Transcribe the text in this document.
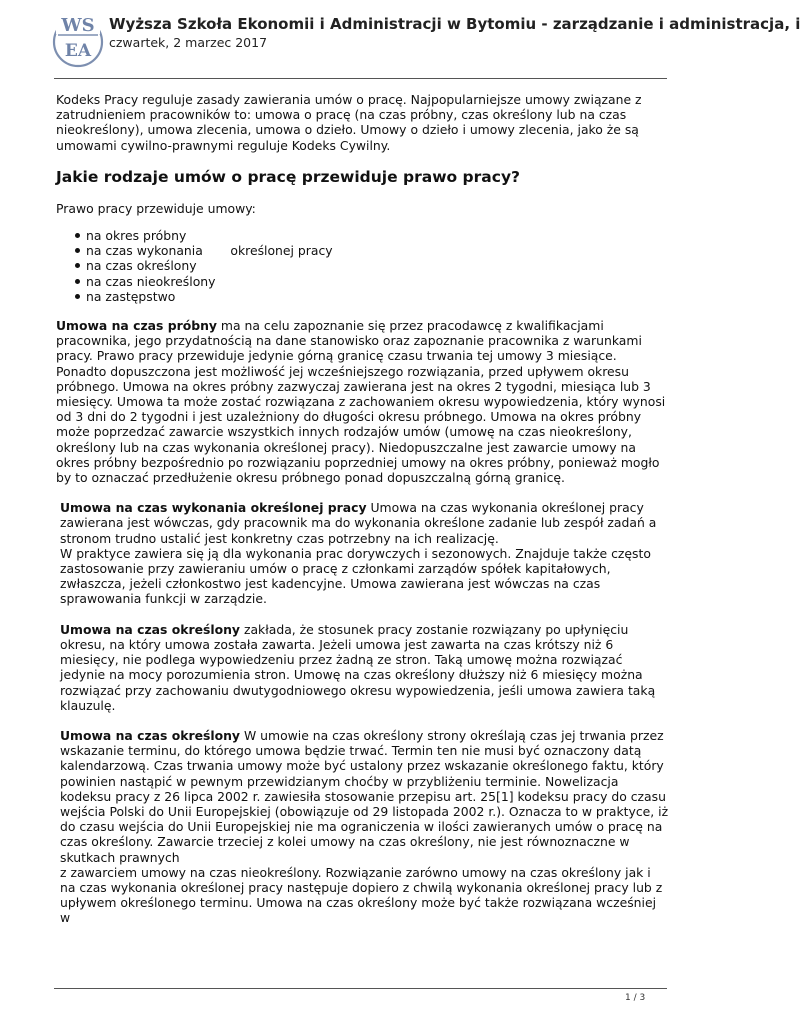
WS
EA
Wyższa Szkoła Ekonomii i Administracji w Bytomiu - zarządzanie i administracja, i
czwartek, 2 marzec 2017

Kodeks Pracy reguluje zasady zawierania umów o pracę. Najpopularniejsze umowy związane z zatrudnieniem pracowników to: umowa o pracę (na czas próbny, czas określony lub na czas nieokreślony), umowa zlecenia, umowa o dzieło. Umowy o dzieło i umowy zlecenia, jako że są umowami cywilno-prawnymi reguluje Kodeks Cywilny.

Jakie rodzaje umów o pracę przewiduje prawo pracy?

Prawo pracy przewiduje umowy:

na okres próbny
na czas wykonania       określonej pracy
na czas określony
na czas nieokreślony
na zastępstwo

Umowa na czas próbny ma na celu zapoznanie się przez pracodawcę z kwalifikacjami pracownika, jego przydatnością na dane stanowisko oraz zapoznanie pracownika z warunkami pracy. Prawo pracy przewiduje jedynie górną granicę czasu trwania tej umowy 3 miesiące. Ponadto dopuszczona jest możliwość jej wcześniejszego rozwiązania, przed upływem okresu próbnego. Umowa na okres próbny zazwyczaj zawierana jest na okres 2 tygodni, miesiąca lub 3 miesięcy. Umowa ta może zostać rozwiązana z zachowaniem okresu wypowiedzenia, który wynosi od 3 dni do 2 tygodni i jest uzależniony do długości okresu próbnego. Umowa na okres próbny może poprzedzać zawarcie wszystkich innych rodzajów umów (umowę na czas nieokreślony, określony lub na czas wykonania określonej pracy). Niedopuszczalne jest zawarcie umowy na okres próbny bezpośrednio po rozwiązaniu poprzedniej umowy na okres próbny, ponieważ mogło by to oznaczać przedłużenie okresu próbnego ponad dopuszczalną górną granicę.

Umowa na czas wykonania określonej pracy Umowa na czas wykonania określonej pracy zawierana jest wówczas, gdy pracownik ma do wykonania określone zadanie lub zespół zadań a stronom trudno ustalić jest konkretny czas potrzebny na ich realizację.
W praktyce zawiera się ją dla wykonania prac dorywczych i sezonowych. Znajduje także często zastosowanie przy zawieraniu umów o pracę z członkami zarządów spółek kapitałowych, zwłaszcza, jeżeli członkostwo jest kadencyjne. Umowa zawierana jest wówczas na czas sprawowania funkcji w zarządzie.

Umowa na czas określony zakłada, że stosunek pracy zostanie rozwiązany po upłynięciu okresu, na który umowa została zawarta. Jeżeli umowa jest zawarta na czas krótszy niż 6 miesięcy, nie podlega wypowiedzeniu przez żadną ze stron. Taką umowę można rozwiązać jedynie na mocy porozumienia stron. Umowę na czas określony dłuższy niż 6 miesięcy można rozwiązać przy zachowaniu dwutygodniowego okresu wypowiedzenia, jeśli umowa zawiera taką klauzulę.

Umowa na czas określony W umowie na czas określony strony określają czas jej trwania przez wskazanie terminu, do którego umowa będzie trwać. Termin ten nie musi być oznaczony datą kalendarzową. Czas trwania umowy może być ustalony przez wskazanie określonego faktu, który powinien nastąpić w pewnym przewidzianym choćby w przybliżeniu terminie. Nowelizacja kodeksu pracy z 26 lipca 2002 r. zawiesiła stosowanie przepisu art. 25[1] kodeksu pracy do czasu wejścia Polski do Unii Europejskiej (obowiązuje od 29 listopada 2002 r.). Oznacza to w praktyce, iż do czasu wejścia do Unii Europejskiej nie ma ograniczenia w ilości zawieranych umów o pracę na czas określony. Zawarcie trzeciej z kolei umowy na czas określony, nie jest równoznaczne w skutkach prawnych
z zawarciem umowy na czas nieokreślony. Rozwiązanie zarówno umowy na czas określony jak i na czas wykonania określonej pracy następuje dopiero z chwilą wykonania określonej pracy lub z upływem określonego terminu. Umowa na czas określony może być także rozwiązana wcześniej w

1 / 3
